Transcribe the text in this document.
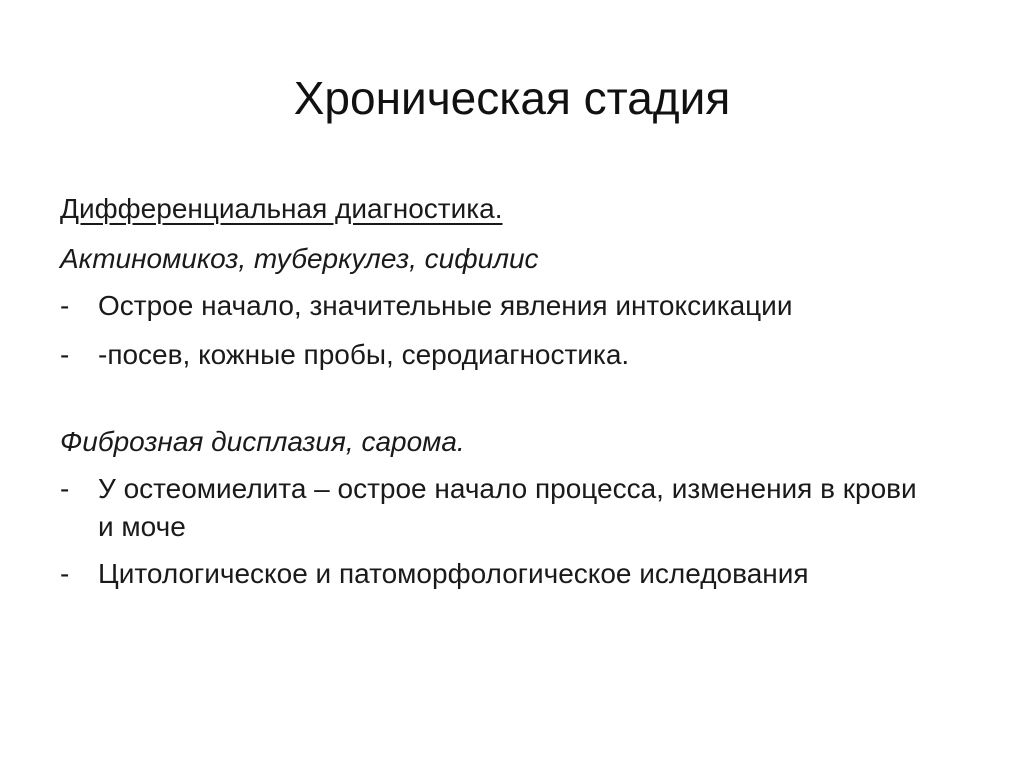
Хроническая стадия
Дифференциальная диагностика.
Актиномикоз, туберкулез, сифилис
-	Острое начало, значительные явления интоксикации
-	-посев, кожные пробы, серодиагностика.
Фиброзная дисплазия, сарома.
-	У остеомиелита – острое начало процесса, изменения в крови и моче
-	Цитологическое и патоморфологическое иследования
